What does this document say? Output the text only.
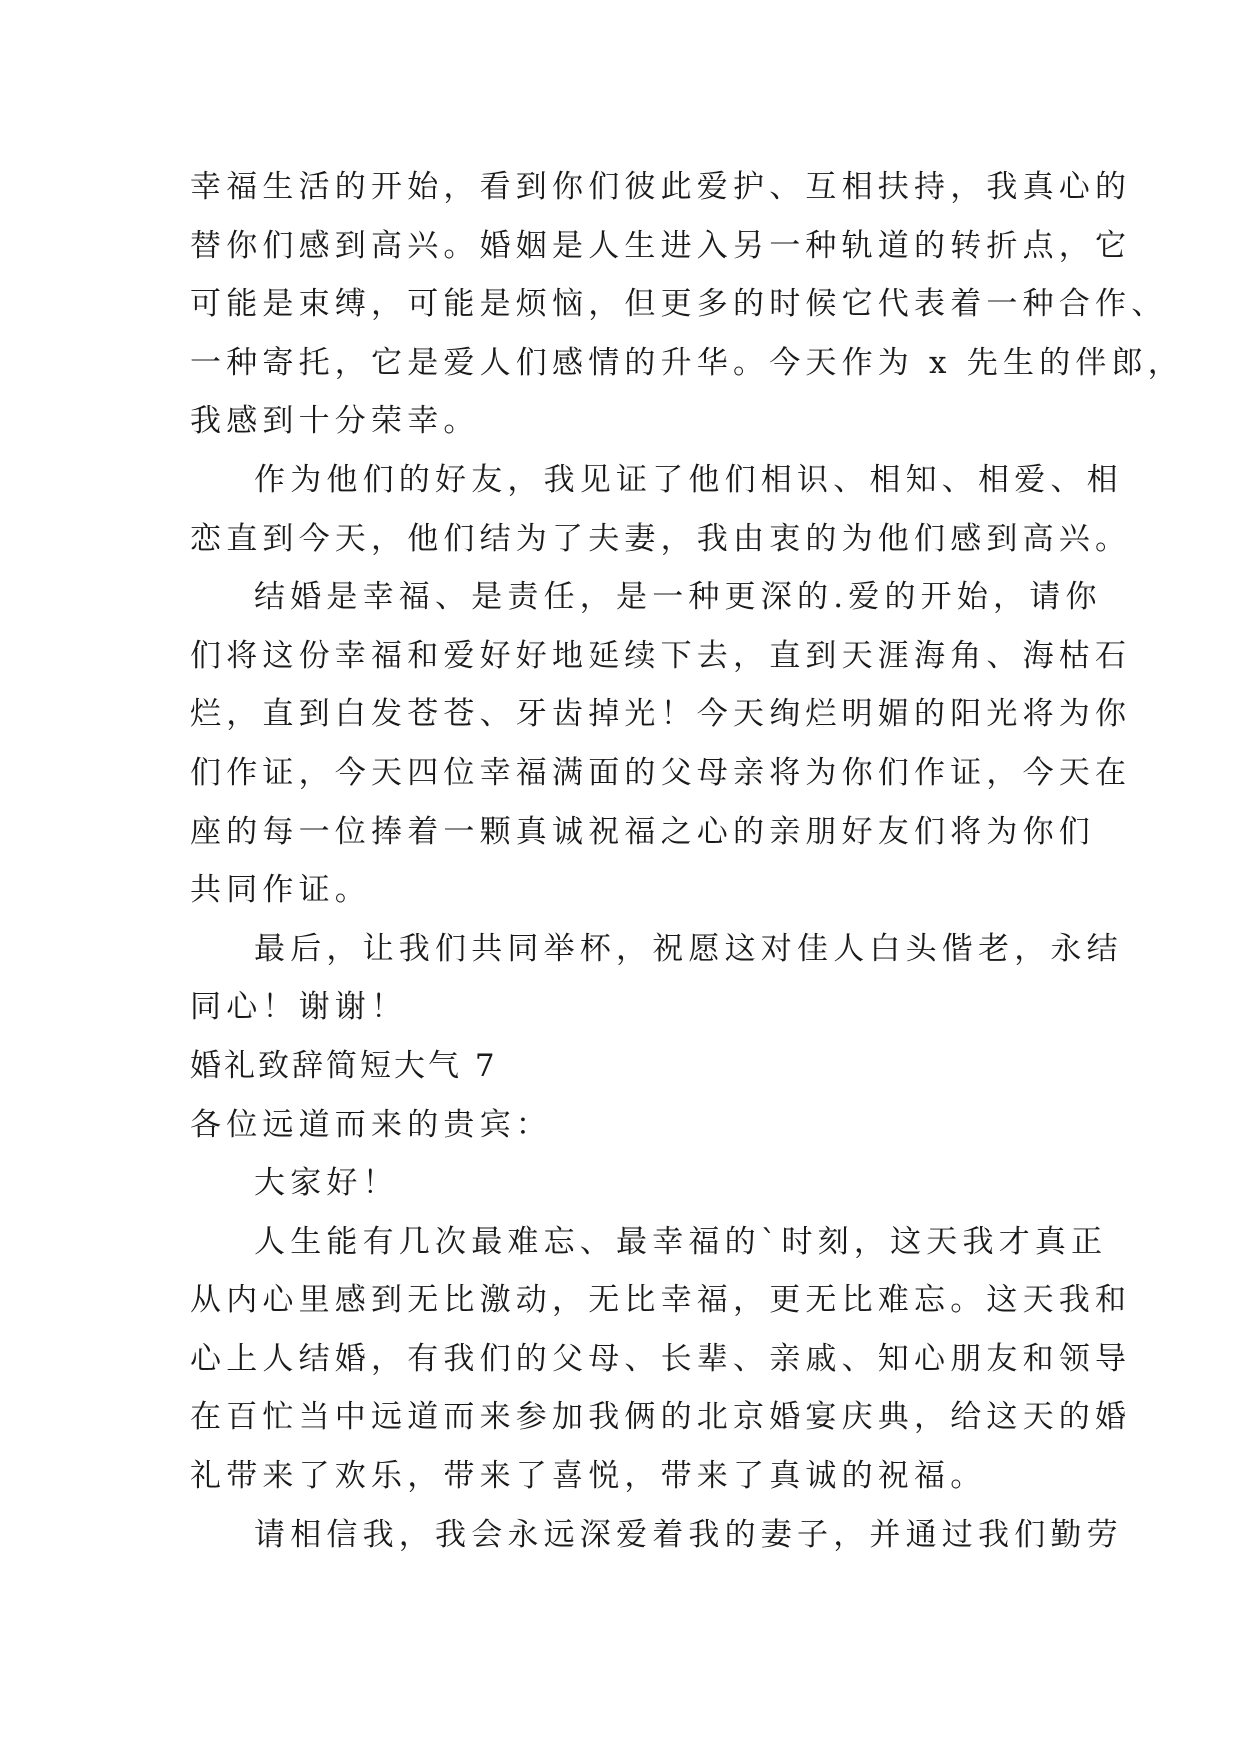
幸福生活的开始，看到你们彼此爱护、互相扶持，我真心的
替你们感到高兴。婚姻是人生进入另一种轨道的转折点，它
可能是束缚，可能是烦恼，但更多的时候它代表着一种合作、
一种寄托，它是爱人们感情的升华。今天作为 x 先生的伴郎，
我感到十分荣幸。
作为他们的好友，我见证了他们相识、相知、相爱、相
恋直到今天，他们结为了夫妻，我由衷的为他们感到高兴。
结婚是幸福、是责任，是一种更深的.爱的开始，请你
们将这份幸福和爱好好地延续下去，直到天涯海角、海枯石
烂，直到白发苍苍、牙齿掉光！今天绚烂明媚的阳光将为你
们作证，今天四位幸福满面的父母亲将为你们作证，今天在
座的每一位捧着一颗真诚祝福之心的亲朋好友们将为你们
共同作证。
最后，让我们共同举杯，祝愿这对佳人白头偕老，永结
同心！谢谢！
婚礼致辞简短大气 7
各位远道而来的贵宾：
大家好！
人生能有几次最难忘、最幸福的`时刻，这天我才真正
从内心里感到无比激动，无比幸福，更无比难忘。这天我和
心上人结婚，有我们的父母、长辈、亲戚、知心朋友和领导
在百忙当中远道而来参加我俩的北京婚宴庆典，给这天的婚
礼带来了欢乐，带来了喜悦，带来了真诚的祝福。
请相信我，我会永远深爱着我的妻子，并通过我们勤劳
